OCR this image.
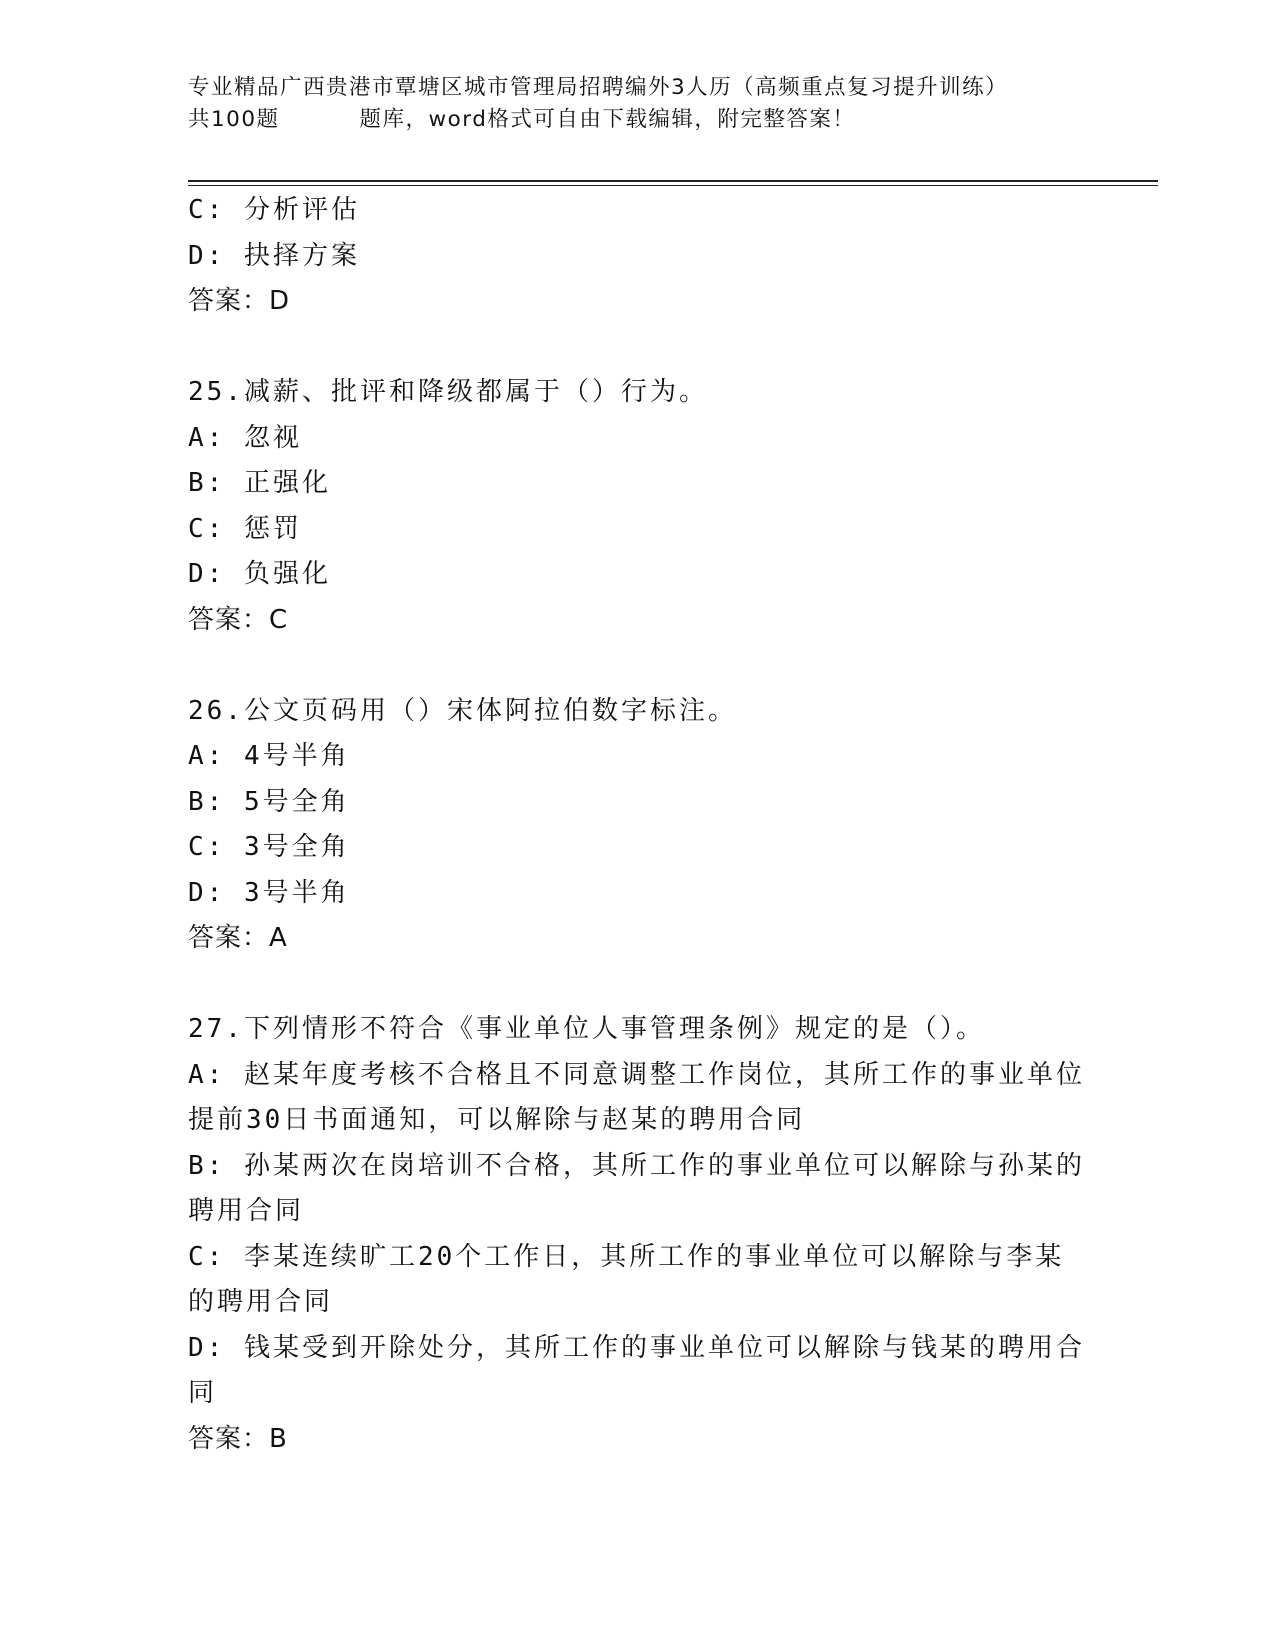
专业精品广西贵港市覃塘区城市管理局招聘编外3人历（高频重点复习提升训练）
共100题	题库，word格式可自由下载编辑，附完整答案！
C: 分析评估
D: 抉择方案
答案：D
25.减薪、批评和降级都属于（）行为。
A: 忽视
B: 正强化
C: 惩罚
D: 负强化
答案：C
26.公文页码用（）宋体阿拉伯数字标注。
A: 4号半角
B: 5号全角
C: 3号全角
D: 3号半角
答案：A
27.下列情形不符合《事业单位人事管理条例》规定的是（）。
A: 赵某年度考核不合格且不同意调整工作岗位，其所工作的事业单位
提前30日书面通知，可以解除与赵某的聘用合同
B: 孙某两次在岗培训不合格，其所工作的事业单位可以解除与孙某的
聘用合同
C: 李某连续旷工20个工作日，其所工作的事业单位可以解除与李某
的聘用合同
D: 钱某受到开除处分，其所工作的事业单位可以解除与钱某的聘用合
同
答案：B
